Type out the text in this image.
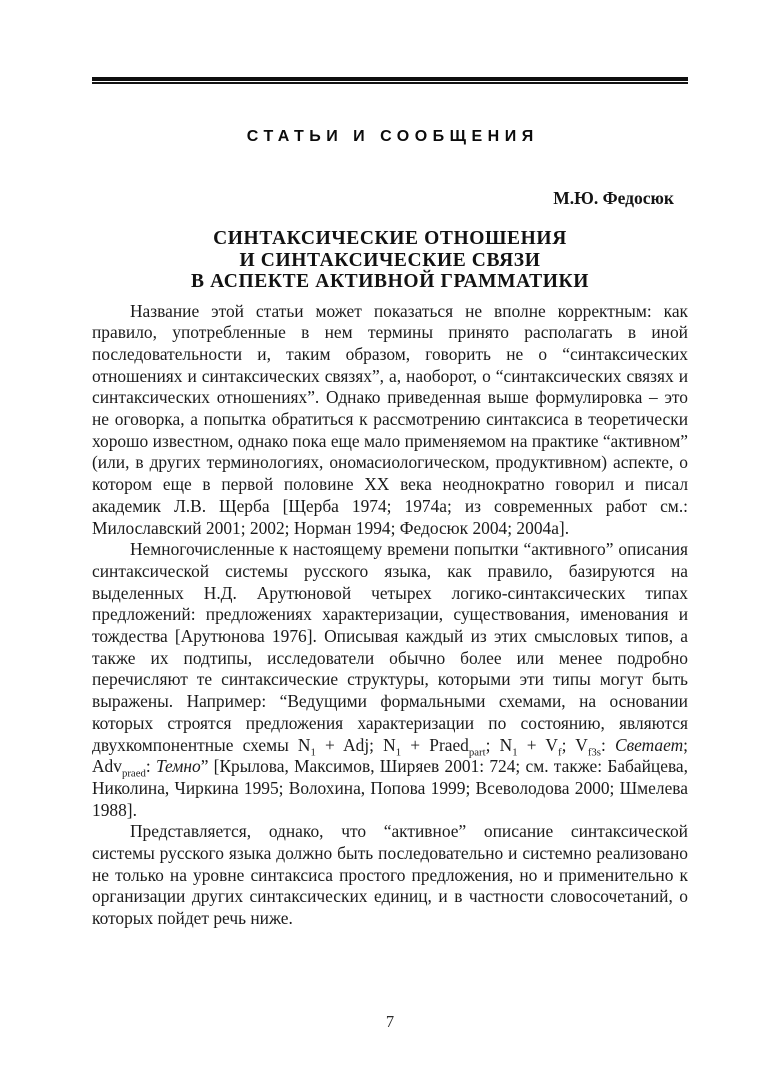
СТАТЬИ И СООБЩЕНИЯ
М.Ю. Федосюк
СИНТАКСИЧЕСКИЕ ОТНОШЕНИЯ
И СИНТАКСИЧЕСКИЕ СВЯЗИ
В АСПЕКТЕ АКТИВНОЙ ГРАММАТИКИ

Название этой статьи может показаться не вполне корректным: как правило, употребленные в нем термины принято располагать в иной последовательности и, таким образом, говорить не о “синтаксических отношениях и синтаксических связях”, а, наоборот, о “синтаксических связях и синтаксических отношениях”. Однако приведенная выше формулировка – это не оговорка, а попытка обратиться к рассмотрению синтаксиса в теоретически хорошо известном, однако пока еще мало применяемом на практике “активном” (или, в других терминологиях, ономасиологическом, продуктивном) аспекте, о котором еще в первой половине XX века неоднократно говорил и писал академик Л.В. Щерба [Щерба 1974; 1974а; из современных работ см.: Милославский 2001; 2002; Норман 1994; Федосюк 2004; 2004а].

Немногочисленные к настоящему времени попытки “активного” описания синтаксической системы русского языка, как правило, базируются на выделенных Н.Д. Арутюновой четырех логико-синтаксических типах предложений: предложениях характеризации, существования, именования и тождества [Арутюнова 1976]. Описывая каждый из этих смысловых типов, а также их подтипы, исследователи обычно более или менее подробно перечисляют те синтаксические структуры, которыми эти типы могут быть выражены. Например: “Ведущими формальными схемами, на основании которых строятся предложения характеризации по состоянию, являются двухкомпонентные схемы $N_1$ + Adj; $N_1$ + Praed$_{part}$; $N_1 + V_f$; $V_{f3s}$: Светает; Adv$_{praed}$: Темно” [Крылова, Максимов, Ширяев 2001: 724; см. также: Бабайцева, Николина, Чиркина 1995; Волохина, Попова 1999; Всеволодова 2000; Шмелева 1988].

Представляется, однако, что “активное” описание синтаксической системы русского языка должно быть последовательно и системно реализовано не только на уровне синтаксиса простого предложения, но и применительно к организации других синтаксических единиц, и в частности словосочетаний, о которых пойдет речь ниже.

7
